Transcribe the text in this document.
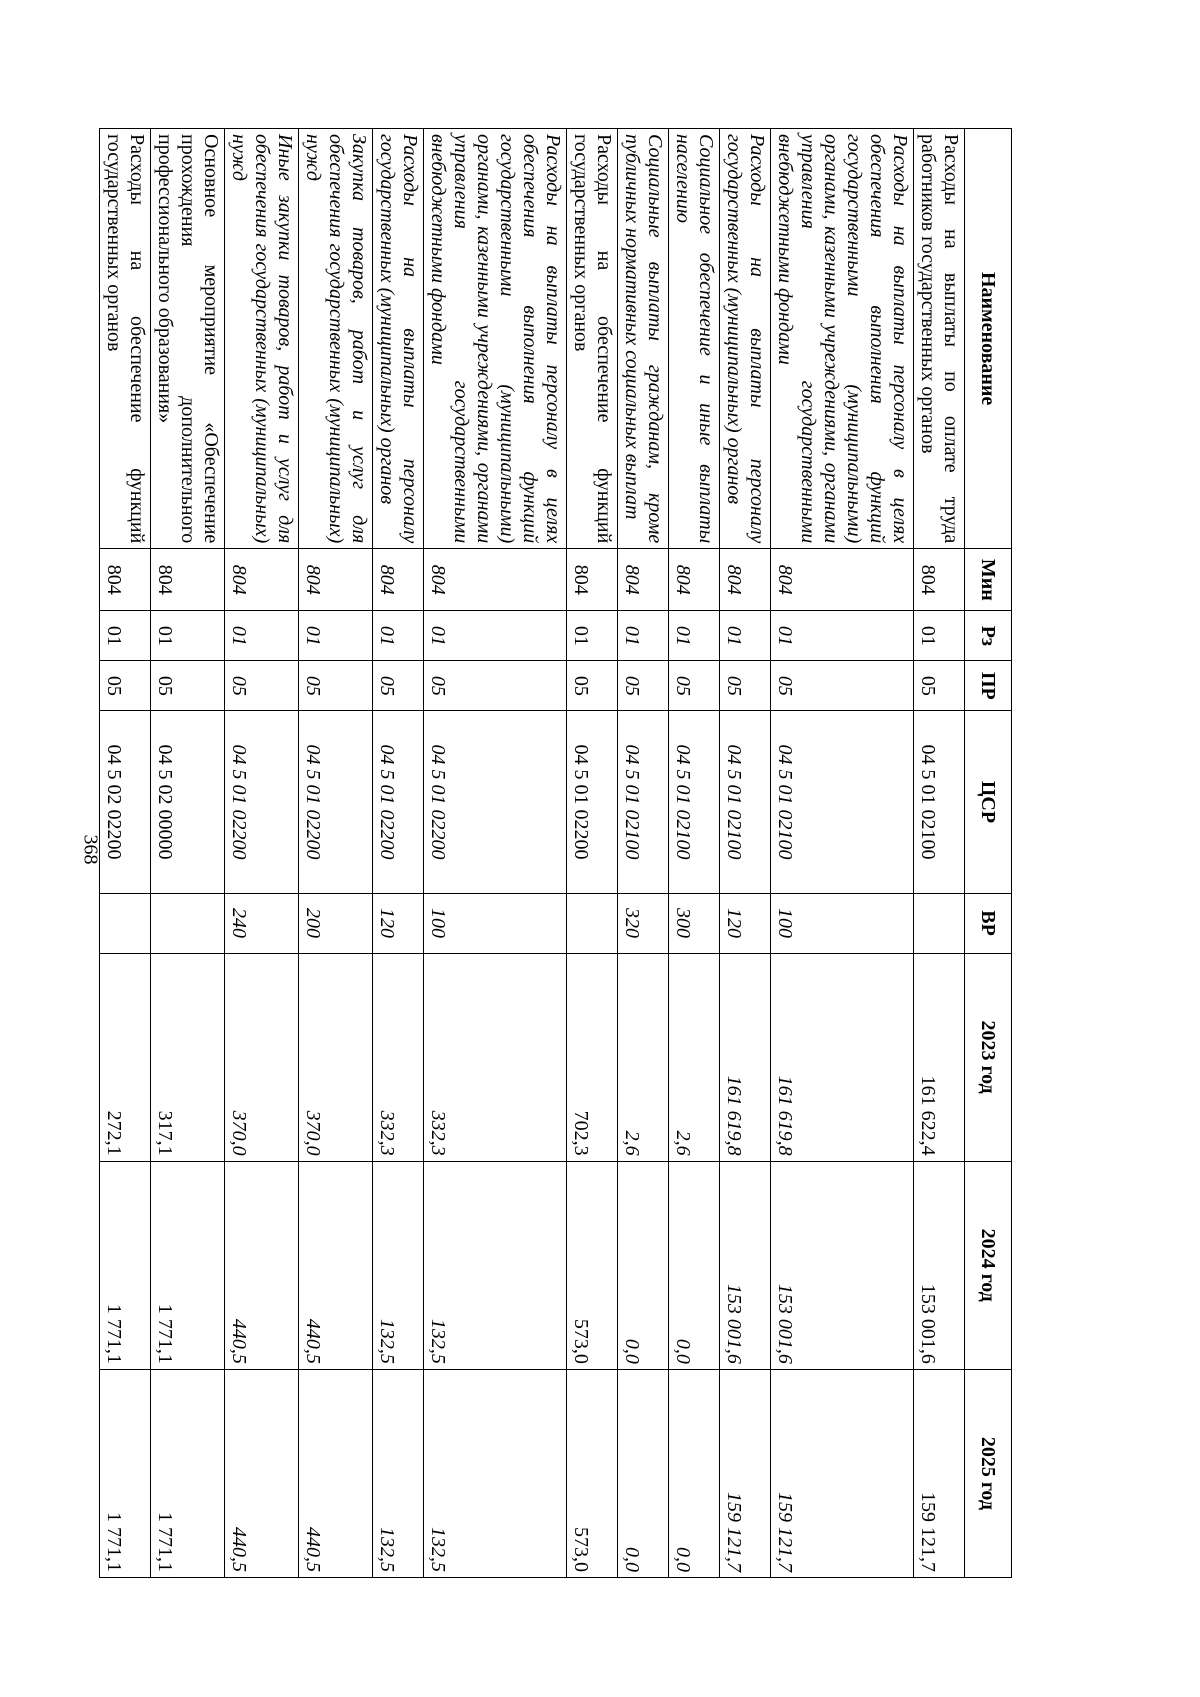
368
Наименование	Мин	Рз	ПР	ЦСР	ВР	2023 год	2024 год	2025 год
Расходы на выплаты по оплате труда работников государственных органов	804	01	05	04 5 01 02100		161 622,4	153 001,6	159 121,7
Расходы на выплаты персоналу в целях обеспечения выполнения функций государственными (муниципальными) органами, казенными учреждениями, органами управления государственными внебюджетными фондами	804	01	05	04 5 01 02100	100	161 619,8	153 001,6	159 121,7
Расходы на выплаты персоналу государственных (муниципальных) органов	804	01	05	04 5 01 02100	120	161 619,8	153 001,6	159 121,7
Социальное обеспечение и иные выплаты населению	804	01	05	04 5 01 02100	300	2,6	0,0	0,0
Социальные выплаты гражданам, кроме публичных нормативных социальных выплат	804	01	05	04 5 01 02100	320	2,6	0,0	0,0
Расходы на обеспечение функций государственных органов	804	01	05	04 5 01 02200		702,3	573,0	573,0
Расходы на выплаты персоналу в целях обеспечения выполнения функций государственными (муниципальными) органами, казенными учреждениями, органами управления государственными внебюджетными фондами	804	01	05	04 5 01 02200	100	332,3	132,5	132,5
Расходы на выплаты персоналу государственных (муниципальных) органов	804	01	05	04 5 01 02200	120	332,3	132,5	132,5
Закупка товаров, работ и услуг для обеспечения государственных (муниципальных) нужд	804	01	05	04 5 01 02200	200	370,0	440,5	440,5
Иные закупки товаров, работ и услуг для обеспечения государственных (муниципальных) нужд	804	01	05	04 5 01 02200	240	370,0	440,5	440,5
Основное мероприятие «Обеспечение прохождения дополнительного профессионального образования»	804	01	05	04 5 02 00000		317,1	1 771,1	1 771,1
Расходы на обеспечение функций государственных органов	804	01	05	04 5 02 02200		272,1	1 771,1	1 771,1
